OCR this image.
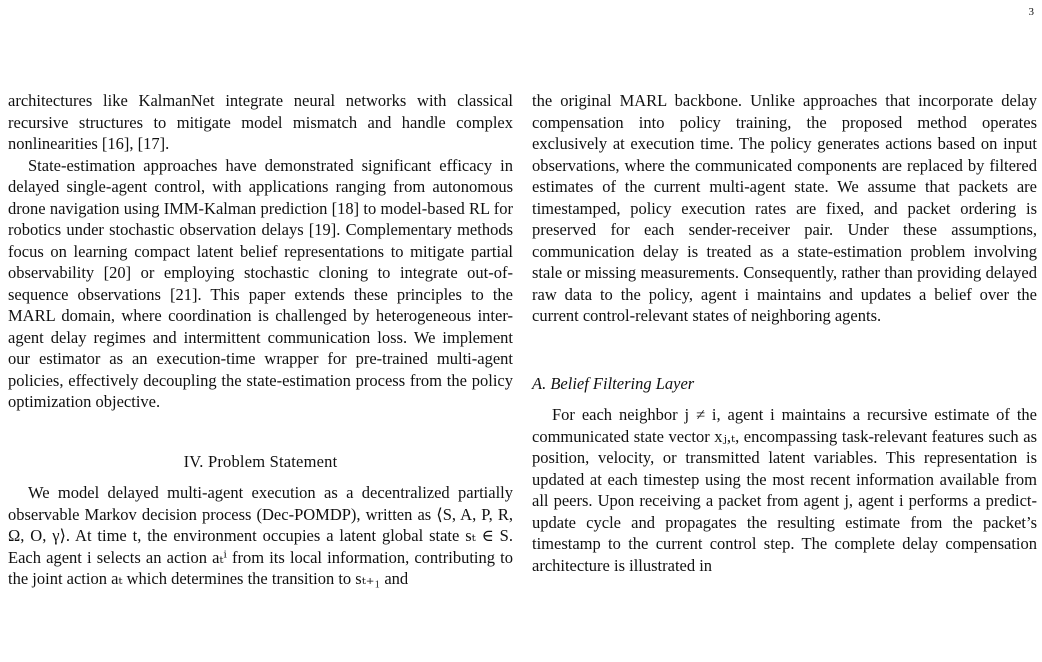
3

architectures like KalmanNet integrate neural networks with classical recursive structures to mitigate model mismatch and handle complex nonlinearities [16], [17].

State-estimation approaches have demonstrated significant efficacy in delayed single-agent control, with applications ranging from autonomous drone navigation using IMM-Kalman prediction [18] to model-based RL for robotics under stochastic observation delays [19]. Complementary methods focus on learning compact latent belief representations to mitigate partial observability [20] or employing stochastic cloning to integrate out-of-sequence observations [21]. This paper extends these principles to the MARL domain, where coordination is challenged by heterogeneous inter-agent delay regimes and intermittent communication loss. We implement our estimator as an execution-time wrapper for pre-trained multi-agent policies, effectively decoupling the state-estimation process from the policy optimization objective.

IV. Problem Statement

We model delayed multi-agent execution as a decentralized partially observable Markov decision process (Dec-POMDP), written as ⟨S, A, P, R, Ω, O, γ⟩. At time t, the environment occupies a latent global state sₜ ∈ S. Each agent i selects an action aₜⁱ from its local information, contributing to the joint action aₜ which determines the transition to sₜ₊₁ and

the original MARL backbone. Unlike approaches that incorporate delay compensation into policy training, the proposed method operates exclusively at execution time. The policy generates actions based on input observations, where the communicated components are replaced by filtered estimates of the current multi-agent state. We assume that packets are timestamped, policy execution rates are fixed, and packet ordering is preserved for each sender-receiver pair. Under these assumptions, communication delay is treated as a state-estimation problem involving stale or missing measurements. Consequently, rather than providing delayed raw data to the policy, agent i maintains and updates a belief over the current control-relevant states of neighboring agents.

A. Belief Filtering Layer

For each neighbor j ≠ i, agent i maintains a recursive estimate of the communicated state vector xⱼ,ₜ, encompassing task-relevant features such as position, velocity, or transmitted latent variables. This representation is updated at each timestep using the most recent information available from all peers. Upon receiving a packet from agent j, agent i performs a predict-update cycle and propagates the resulting estimate from the packet’s timestamp to the current control step. The complete delay compensation architecture is illustrated in
